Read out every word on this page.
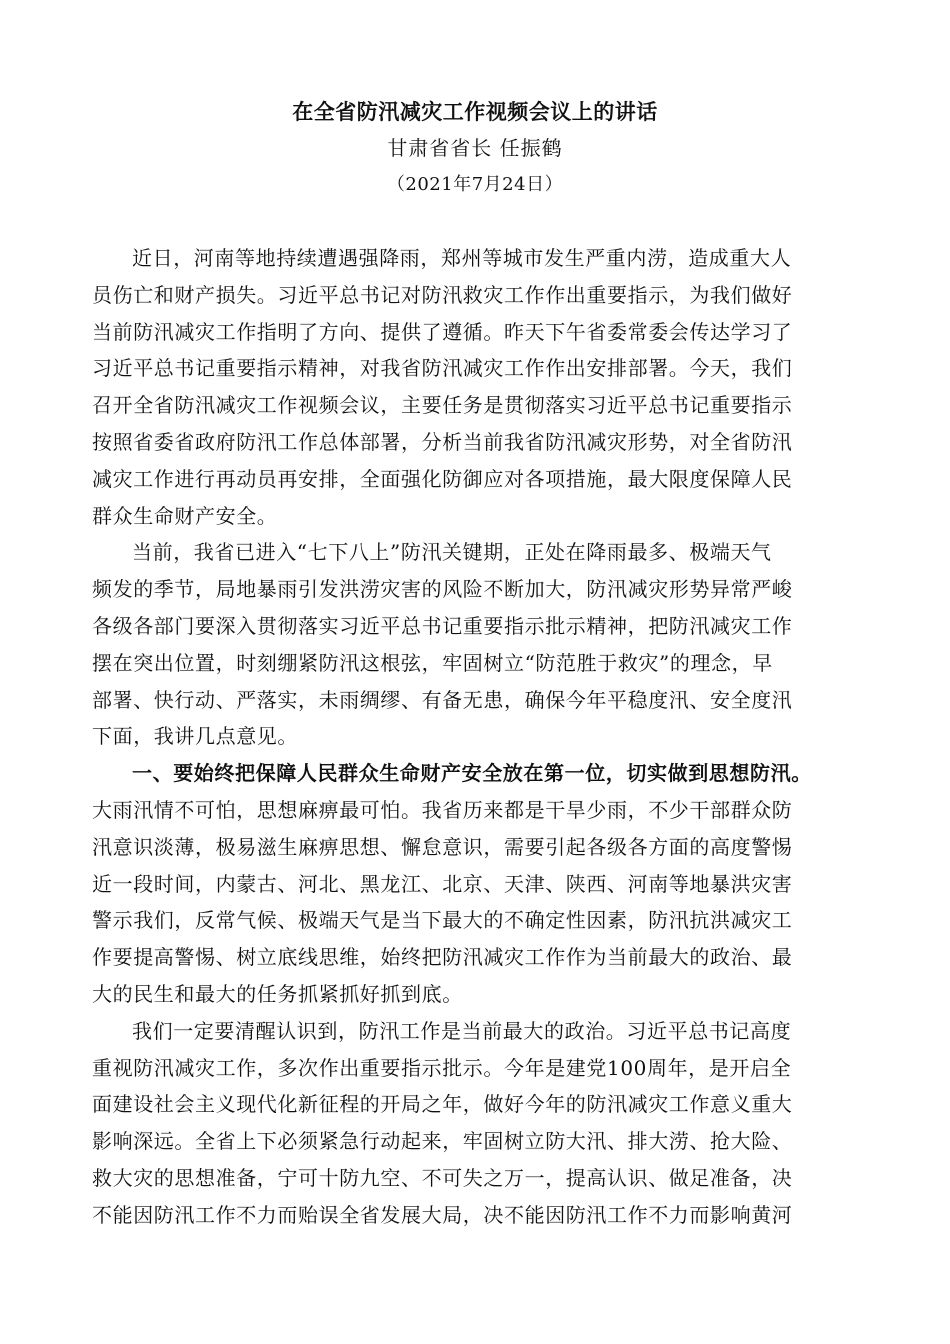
在全省防汛减灾工作视频会议上的讲话
甘肃省省长 任振鹤
（2021年7月24日）
近日，河南等地持续遭遇强降雨，郑州等城市发生严重内涝，造成重大人
员伤亡和财产损失。习近平总书记对防汛救灾工作作出重要指示，为我们做好
当前防汛减灾工作指明了方向、提供了遵循。昨天下午省委常委会传达学习了
习近平总书记重要指示精神，对我省防汛减灾工作作出安排部署。今天，我们
召开全省防汛减灾工作视频会议，主要任务是贯彻落实习近平总书记重要指示
按照省委省政府防汛工作总体部署，分析当前我省防汛减灾形势，对全省防汛
减灾工作进行再动员再安排，全面强化防御应对各项措施，最大限度保障人民
群众生命财产安全。
当前，我省已进入“七下八上”防汛关键期，正处在降雨最多、极端天气
频发的季节，局地暴雨引发洪涝灾害的风险不断加大，防汛减灾形势异常严峻
各级各部门要深入贯彻落实习近平总书记重要指示批示精神，把防汛减灾工作
摆在突出位置，时刻绷紧防汛这根弦，牢固树立“防范胜于救灾”的理念，早
部署、快行动、严落实，未雨绸缪、有备无患，确保今年平稳度汛、安全度汛
下面，我讲几点意见。
一、要始终把保障人民群众生命财产安全放在第一位，切实做到思想防汛。
大雨汛情不可怕，思想麻痹最可怕。我省历来都是干旱少雨，不少干部群众防
汛意识淡薄，极易滋生麻痹思想、懈怠意识，需要引起各级各方面的高度警惕
近一段时间，内蒙古、河北、黑龙江、北京、天津、陕西、河南等地暴洪灾害
警示我们，反常气候、极端天气是当下最大的不确定性因素，防汛抗洪减灾工
作要提高警惕、树立底线思维，始终把防汛减灾工作作为当前最大的政治、最
大的民生和最大的任务抓紧抓好抓到底。
我们一定要清醒认识到，防汛工作是当前最大的政治。习近平总书记高度
重视防汛减灾工作，多次作出重要指示批示。今年是建党100周年，是开启全
面建设社会主义现代化新征程的开局之年，做好今年的防汛减灾工作意义重大
影响深远。全省上下必须紧急行动起来，牢固树立防大汛、排大涝、抢大险、
救大灾的思想准备，宁可十防九空、不可失之万一，提高认识、做足准备，决
不能因防汛工作不力而贻误全省发展大局，决不能因防汛工作不力而影响黄河
